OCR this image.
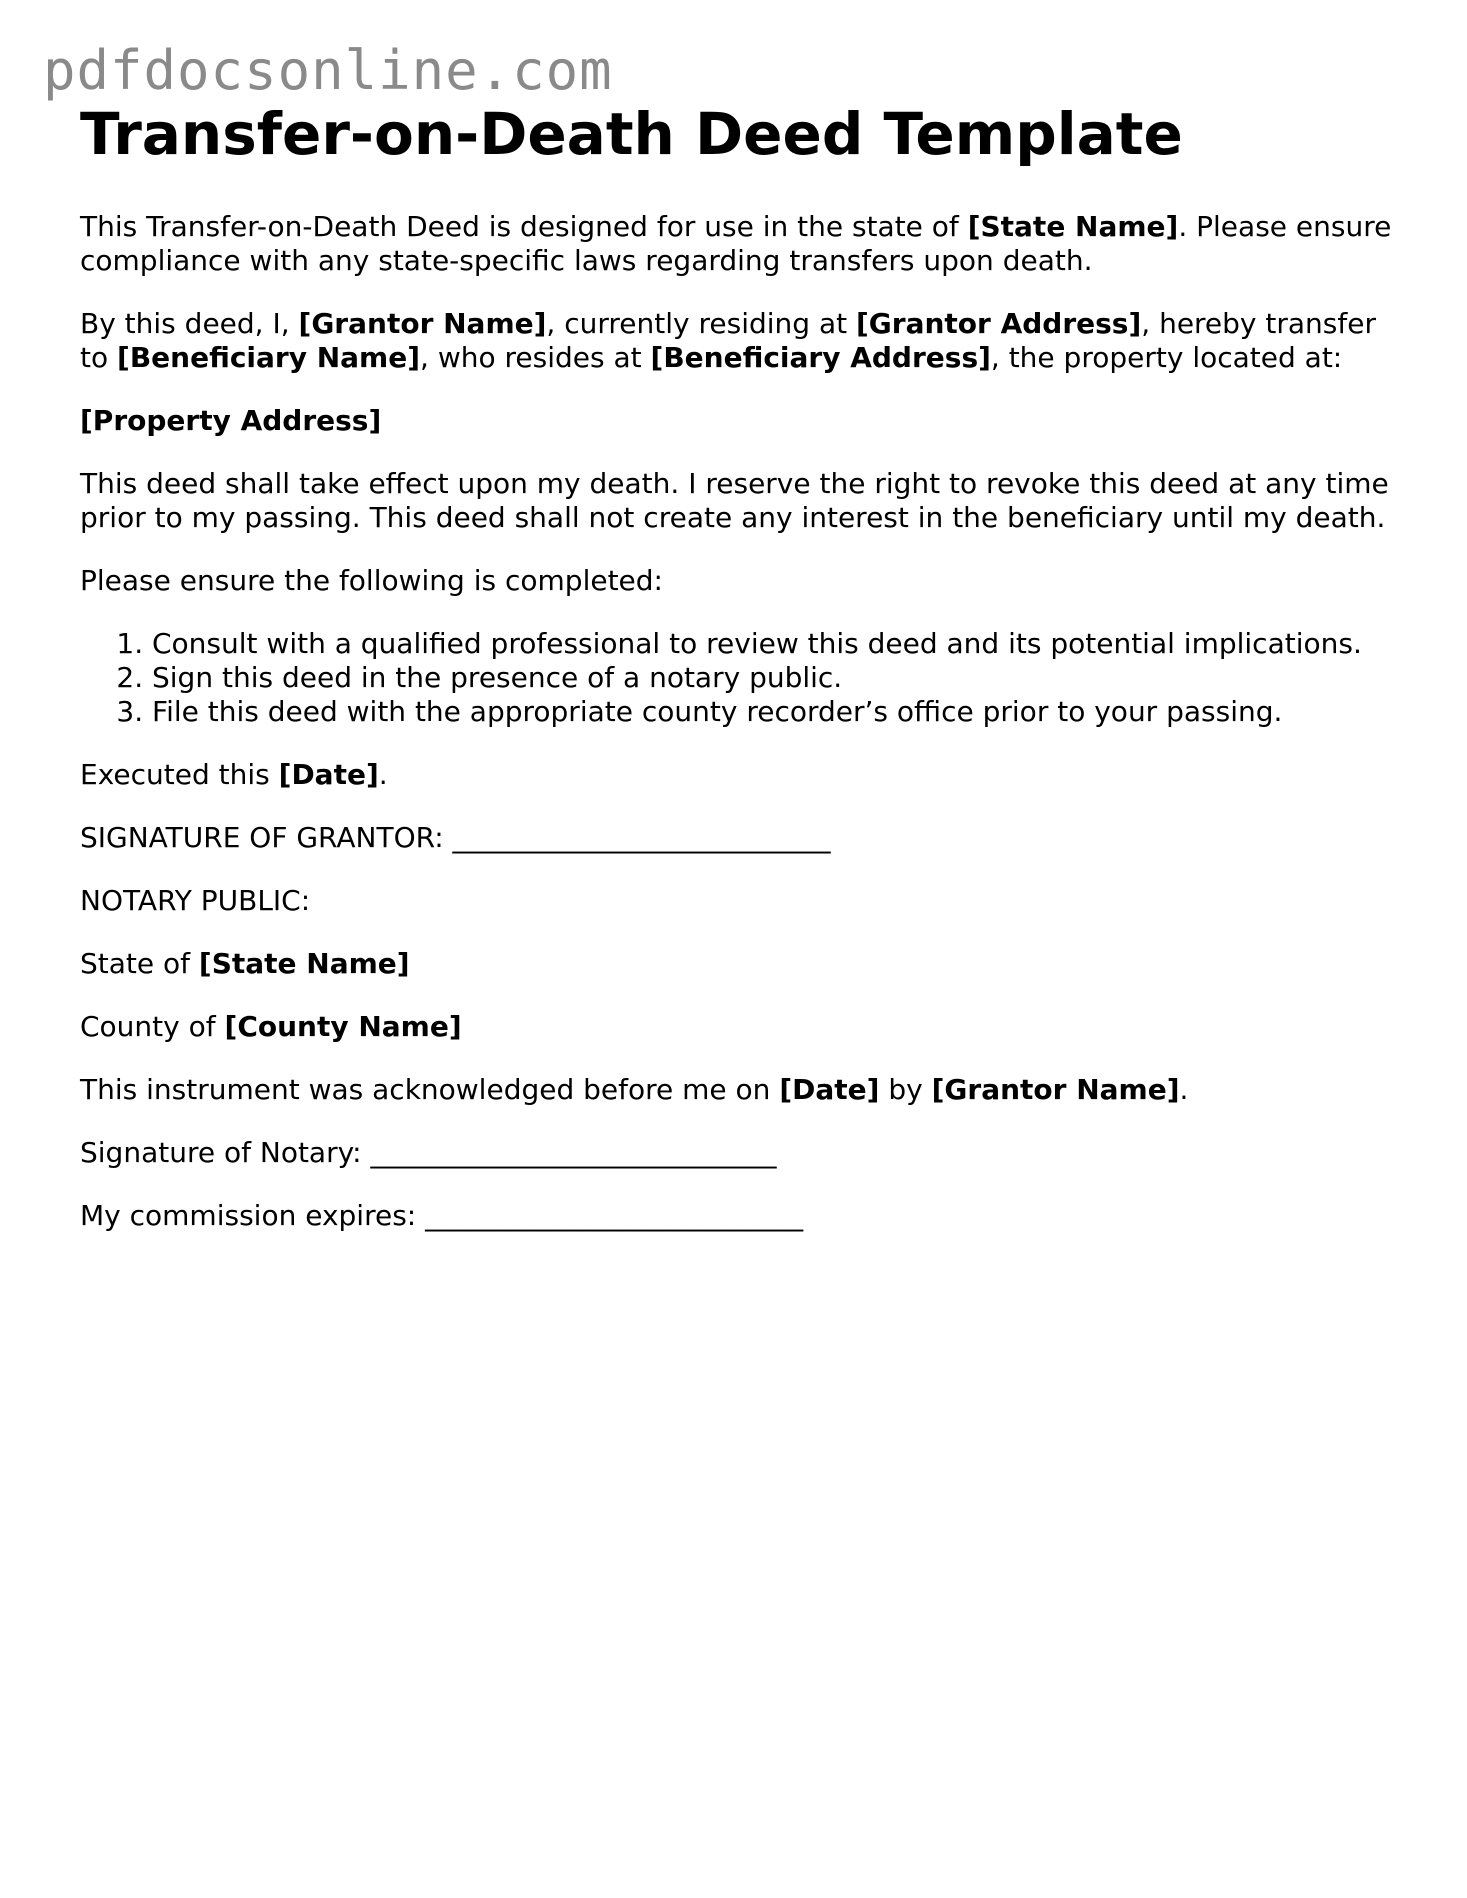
pdfdocsonline.com
Transfer-on-Death Deed Template

This Transfer-on-Death Deed is designed for use in the state of [State Name]. Please ensure compliance with any state-specific laws regarding transfers upon death.

By this deed, I, [Grantor Name], currently residing at [Grantor Address], hereby transfer to [Beneficiary Name], who resides at [Beneficiary Address], the property located at:

[Property Address]

This deed shall take effect upon my death. I reserve the right to revoke this deed at any time prior to my passing. This deed shall not create any interest in the beneficiary until my death.

Please ensure the following is completed:

1. Consult with a qualified professional to review this deed and its potential implications.
2. Sign this deed in the presence of a notary public.
3. File this deed with the appropriate county recorder’s office prior to your passing.

Executed this [Date].

SIGNATURE OF GRANTOR: ___________________________

NOTARY PUBLIC:

State of [State Name]

County of [County Name]

This instrument was acknowledged before me on [Date] by [Grantor Name].

Signature of Notary: _____________________________

My commission expires: ___________________________
